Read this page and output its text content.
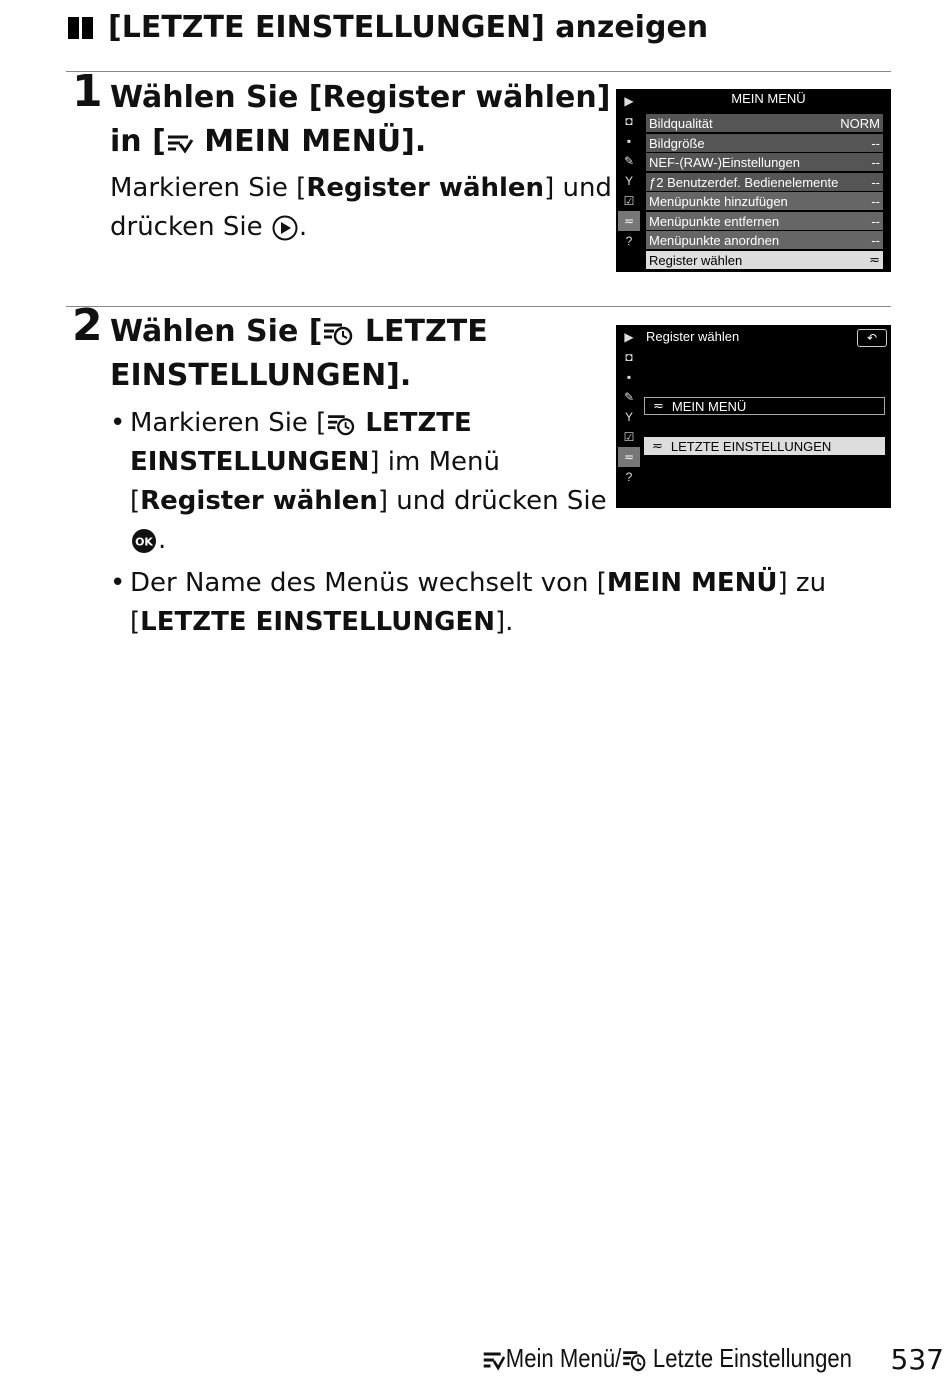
[LETZTE EINSTELLUNGEN] anzeigen
1 Wählen Sie [Register wählen]
in [ MEIN MENÜ].
Markieren Sie [Register wählen] und
drücken Sie .
▶
◘
▪
✎
Y
☑
≂
?
MEIN MENÜ
Bildqualität	NORM
Bildgröße	--
NEF-(RAW-)Einstellungen	--
ƒ2 Benutzerdef. Bedienelemente	--
Menüpunkte hinzufügen	--
Menüpunkte entfernen	--
Menüpunkte anordnen	--
Register wählen	≂
2 Wählen Sie [ LETZTE
EINSTELLUNGEN].
• Markieren Sie [ LETZTE
EINSTELLUNGEN] im Menü
[Register wählen] und drücken Sie
OK .
• Der Name des Menüs wechselt von [MEIN MENÜ] zu
[LETZTE EINSTELLUNGEN].
▶
◘
▪
✎
Y
☑
≂
?
Register wählen	↶
≂ MEIN MENÜ
≂ LETZTE EINSTELLUNGEN
Mein Menü/ Letzte Einstellungen 537
